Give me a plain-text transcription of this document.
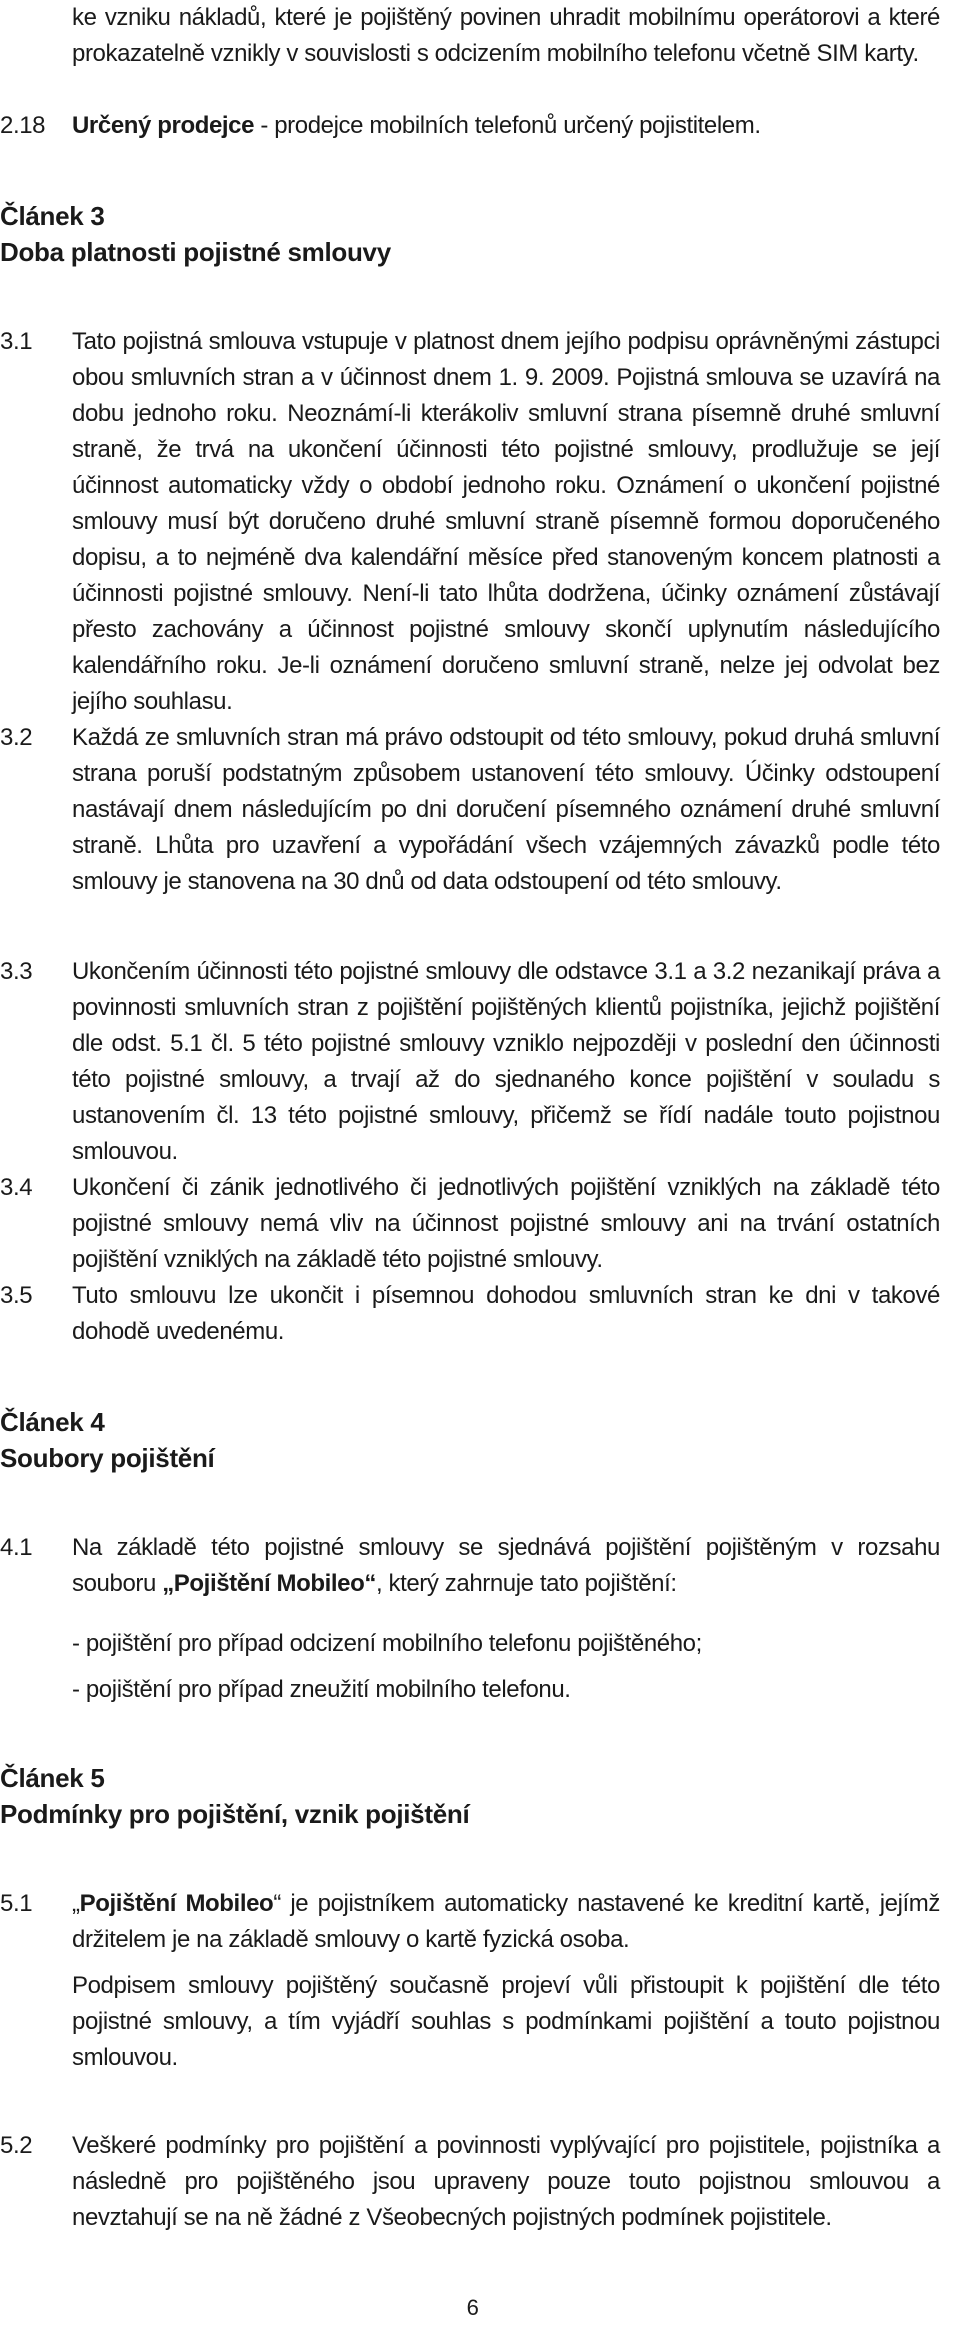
ke vzniku nákladů, které je pojištěný povinen uhradit mobilnímu operátorovi a které prokazatelně vznikly v souvislosti s odcizením mobilního telefonu včetně SIM karty.

2.18	Určený prodejce - prodejce mobilních telefonů určený pojistitelem.

Článek 3
Doba platnosti pojistné smlouvy
3.1	Tato pojistná smlouva vstupuje v platnost dnem jejího podpisu oprávněnými zástupci obou smluvních stran a v účinnost dnem 1. 9. 2009. Pojistná smlouva se uzavírá na dobu jednoho roku. Neoznámí-li kterákoliv smluvní strana písemně druhé smluvní straně, že trvá na ukončení účinnosti této pojistné smlouvy, prodlužuje se její účinnost automaticky vždy o období jednoho roku. Oznámení o ukončení pojistné smlouvy musí být doručeno druhé smluvní straně písemně formou doporučeného dopisu, a to nejméně dva kalendářní měsíce před stanoveným koncem platnosti a účinnosti pojistné smlouvy. Není-li tato lhůta dodržena, účinky oznámení zůstávají přesto zachovány a účinnost pojistné smlouvy skončí uplynutím následujícího kalendářního roku. Je-li oznámení doručeno smluvní straně, nelze jej odvolat bez jejího souhlasu.

3.2	Každá ze smluvních stran má právo odstoupit od této smlouvy, pokud druhá smluvní strana poruší podstatným způsobem ustanovení této smlouvy. Účinky odstoupení nastávají dnem následujícím po dni doručení písemného oznámení druhé smluvní straně. Lhůta pro uzavření a vypořádání všech vzájemných závazků podle této smlouvy je stanovena na 30 dnů od data odstoupení od této smlouvy.

3.3	Ukončením účinnosti této pojistné smlouvy dle odstavce 3.1 a 3.2 nezanikají práva a povinnosti smluvních stran z pojištění pojištěných klientů pojistníka, jejichž pojištění dle odst. 5.1 čl. 5 této pojistné smlouvy vzniklo nejpozději v poslední den účinnosti této pojistné smlouvy, a trvají až do sjednaného konce pojištění v souladu s ustanovením čl. 13 této pojistné smlouvy, přičemž se řídí nadále touto pojistnou smlouvou.

3.4	Ukončení či zánik jednotlivého či jednotlivých pojištění vzniklých na základě této pojistné smlouvy nemá vliv na účinnost pojistné smlouvy ani na trvání ostatních pojištění vzniklých na základě této pojistné smlouvy.

3.5	Tuto smlouvu lze ukončit i písemnou dohodou smluvních stran ke dni v takové dohodě uvedenému.

Článek 4
Soubory pojištění
4.1	Na základě této pojistné smlouvy se sjednává pojištění pojištěným v rozsahu souboru „Pojištění Mobileo“, který zahrnuje tato pojištění:

- pojištění pro případ odcizení mobilního telefonu pojištěného;

- pojištění pro případ zneužití mobilního telefonu.

Článek 5
Podmínky pro pojištění, vznik pojištění
5.1	„Pojištění Mobileo“ je pojistníkem automaticky nastavené ke kreditní kartě, jejímž držitelem je na základě smlouvy o kartě fyzická osoba.

Podpisem smlouvy pojištěný současně projeví vůli přistoupit k pojištění dle této pojistné smlouvy, a tím vyjádří souhlas s podmínkami pojištění a touto pojistnou smlouvou.

5.2	Veškeré podmínky pro pojištění a povinnosti vyplývající pro pojistitele, pojistníka a následně pro pojištěného jsou upraveny pouze touto pojistnou smlouvou a nevztahují se na ně žádné z Všeobecných pojistných podmínek pojistitele.

6
